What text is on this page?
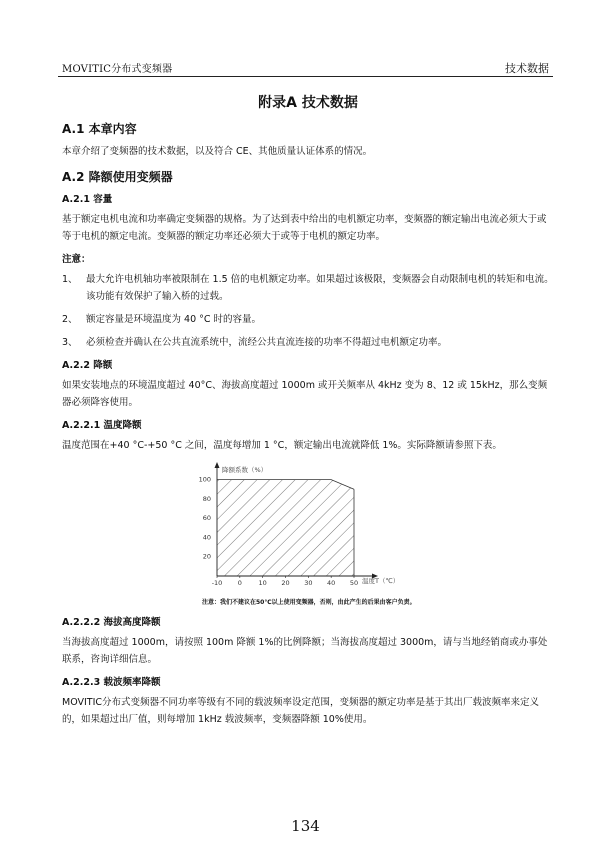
MOVITIC分布式变频器	技术数据
附录A 技术数据
A.1 本章内容

本章介绍了变频器的技术数据，以及符合 CE、其他质量认证体系的情况。

A.2 降额使用变频器
A.2.1 容量

基于额定电机电流和功率确定变频器的规格。为了达到表中给出的电机额定功率，变频器的额定输出电流必须大于或等于电机的额定电流。变频器的额定功率还必须大于或等于电机的额定功率。

注意：
1、 最大允许电机轴功率被限制在 1.5 倍的电机额定功率。如果超过该极限，变频器会自动限制电机的转矩和电流。该功能有效保护了输入桥的过载。
2、 额定容量是环境温度为 40 °C 时的容量。
3、 必须检查并确认在公共直流系统中，流经公共直流连接的功率不得超过电机额定功率。
A.2.2 降额

如果安装地点的环境温度超过 40°C、海拔高度超过 1000m 或开关频率从 4kHz 变为 8、12 或 15kHz，那么变频器必须降容使用。

A.2.2.1 温度降额

温度范围在+40 °C-+50 °C 之间，温度每增加 1 °C，额定输出电流就降低 1%。实际降额请参照下表。

20
40
60
80
100
-10 0	10 20 30 40 50
降额系数（%）
温度T（℃）
注意：我们不建议在50℃以上使用变频器，否则，由此产生的后果由客户负责。
A.2.2.2 海拔高度降额

当海拔高度超过 1000m，请按照 100m 降额 1%的比例降额；当海拔高度超过 3000m，请与当地经销商或办事处联系，咨询详细信息。

A.2.2.3 载波频率降额

MOVITIC分布式变频器不同功率等级有不同的载波频率设定范围，变频器的额定功率是基于其出厂载波频率来定义的，如果超过出厂值，则每增加 1kHz 载波频率，变频器降额 10%使用。

134
